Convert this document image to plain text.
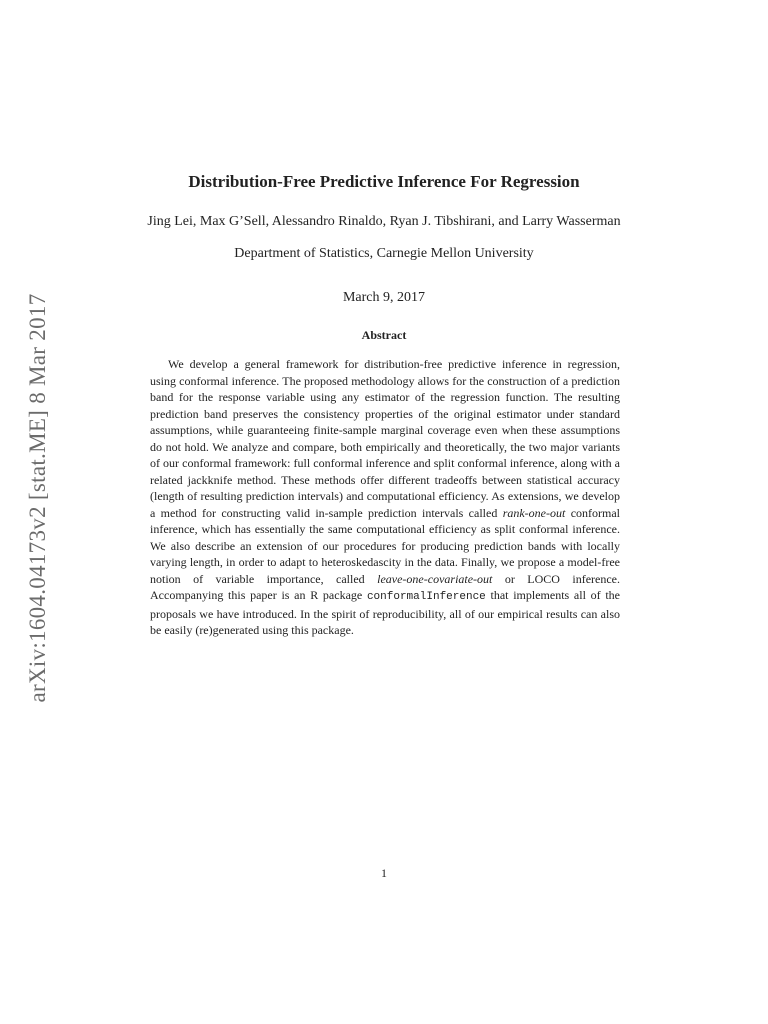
arXiv:1604.04173v2 [stat.ME] 8 Mar 2017
Distribution-Free Predictive Inference For Regression
Jing Lei, Max G’Sell, Alessandro Rinaldo, Ryan J. Tibshirani, and Larry Wasserman
Department of Statistics, Carnegie Mellon University
March 9, 2017
Abstract
We develop a general framework for distribution-free predictive inference in regression, using conformal inference. The proposed methodology allows for the construction of a prediction band for the response variable using any estimator of the regression function. The resulting prediction band preserves the consistency properties of the original estimator under standard assumptions, while guaranteeing finite-sample marginal coverage even when these assumptions do not hold. We analyze and compare, both empirically and theoretically, the two major variants of our conformal framework: full conformal inference and split conformal inference, along with a related jackknife method. These methods offer different tradeoffs between statistical accuracy (length of resulting prediction intervals) and computational efficiency. As extensions, we develop a method for constructing valid in-sample prediction intervals called rank-one-out conformal inference, which has essentially the same computational efficiency as split conformal inference. We also describe an extension of our procedures for producing prediction bands with locally varying length, in order to adapt to heteroskedascity in the data. Finally, we propose a model-free notion of variable importance, called leave-one-covariate-out or LOCO inference. Accompanying this paper is an R package conformalInference that implements all of the proposals we have introduced. In the spirit of reproducibility, all of our empirical results can also be easily (re)generated using this package.
1
